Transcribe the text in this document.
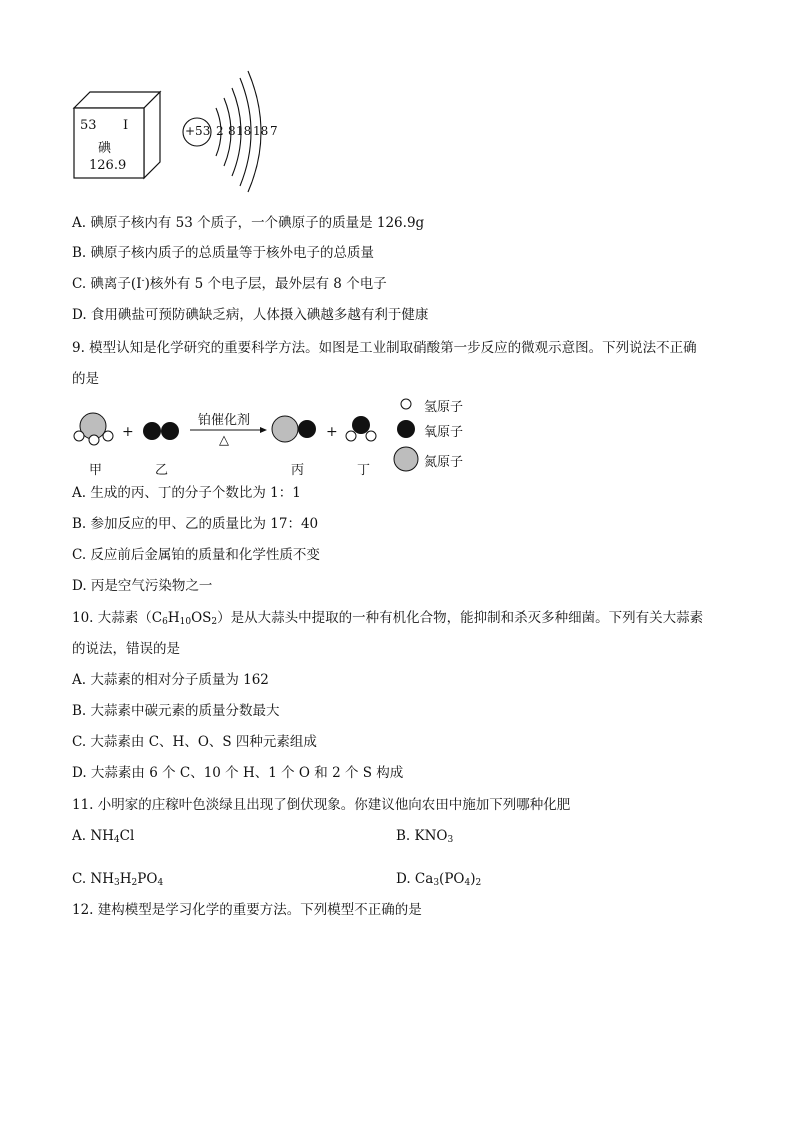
53 I
碘
126.9
+53 2 8 18 18 7
A. 碘原子核内有 53 个质子，一个碘原子的质量是 126.9g
B. 碘原子核内质子的总质量等于核外电子的总质量
C. 碘离子(I-)核外有 5 个电子层，最外层有 8 个电子
D. 食用碘盐可预防碘缺乏病，人体摄入碘越多越有利于健康
9. 模型认知是化学研究的重要科学方法。如图是工业制取硝酸第一步反应的微观示意图。下列说法不正确
的是
+	+
铂催化剂
△
甲	乙	丙	丁
氢原子
氧原子
氮原子
A. 生成的丙、丁的分子个数比为 1：1
B. 参加反应的甲、乙的质量比为 17：40
C. 反应前后金属铂的质量和化学性质不变
D. 丙是空气污染物之一
10. 大蒜素$(C_6H_{10}OS_2)$是从大蒜头中提取的一种有机化合物，能抑制和杀灭多种细菌。下列有关大蒜素
的说法，错误的是
A. 大蒜素的相对分子质量为 162
B. 大蒜素中碳元素的质量分数最大
C. 大蒜素由 C、H、O、S 四种元素组成
D. 大蒜素由 6 个 C、10 个 H、1 个 O 和 2 个 S 构成
11. 小明家的庄稼叶色淡绿且出现了倒伏现象。你建议他向农田中施加下列哪种化肥
A. $NH_4Cl$	B. $KNO_3$
C. $NH_3H_2PO_4$	D. $Ca_3(PO_4)_2$
12. 建构模型是学习化学的重要方法。下列模型不正确的是
